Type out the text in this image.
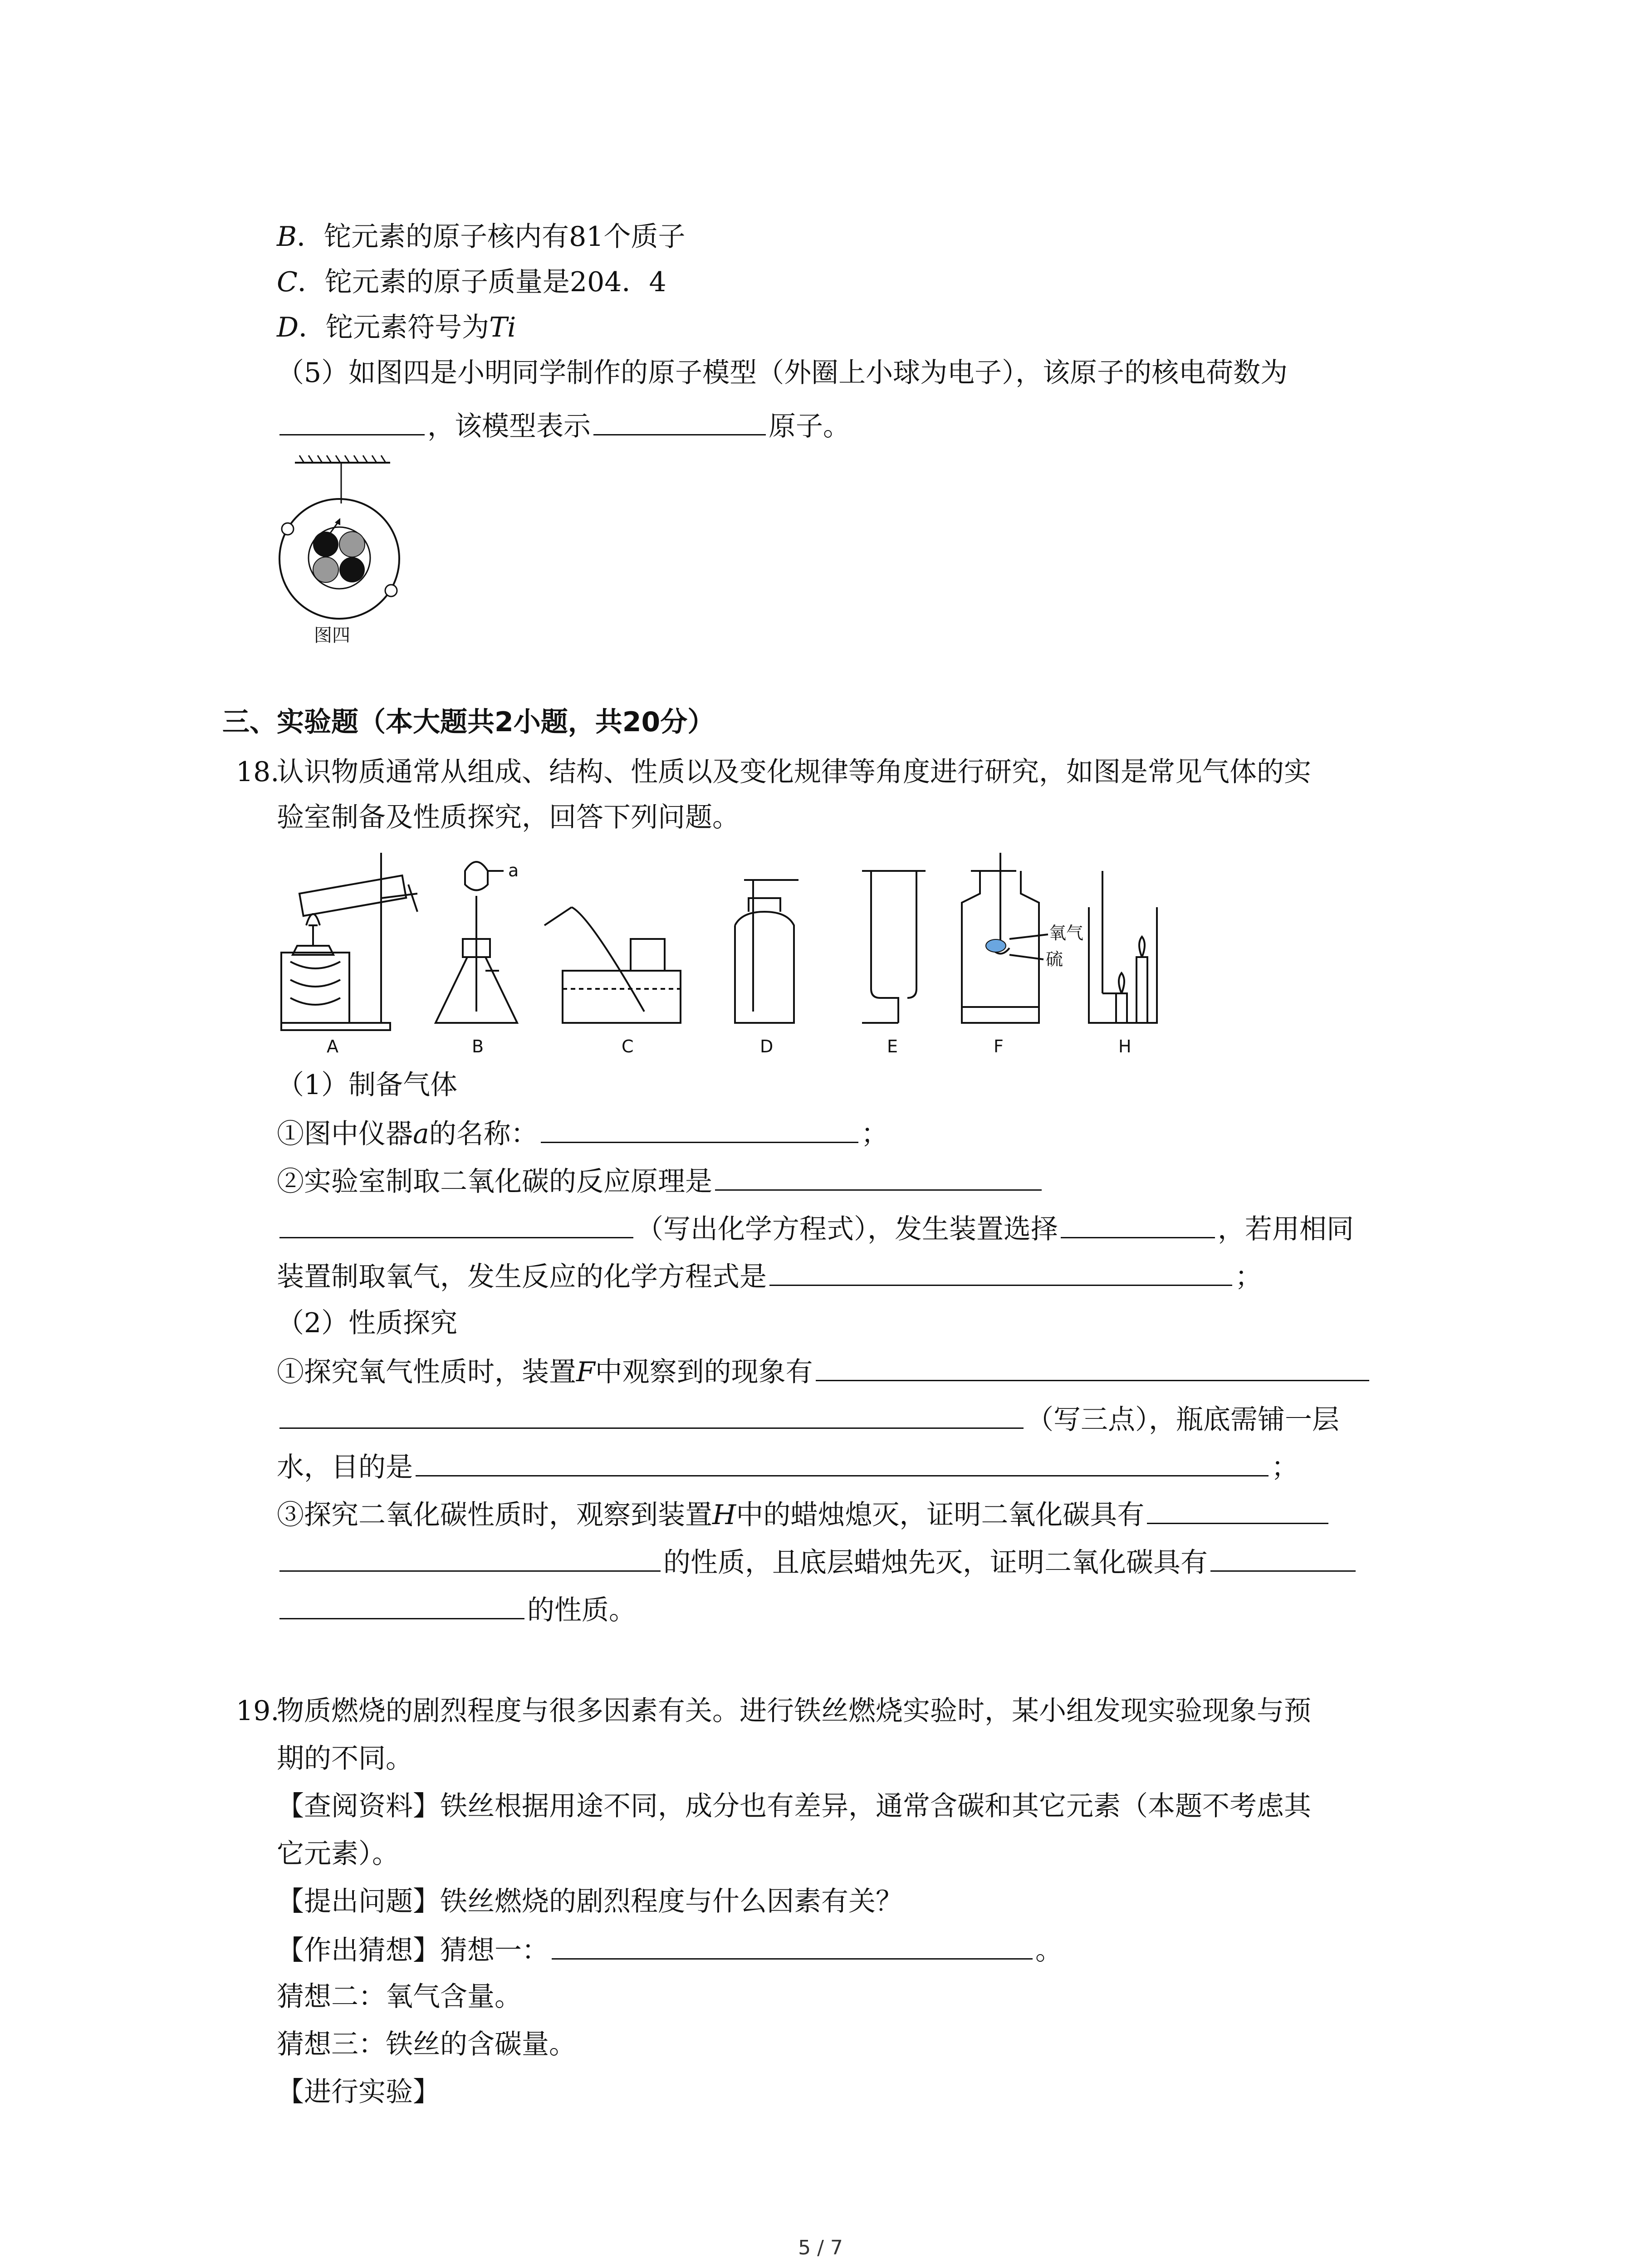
B．铊元素的原子核内有81个质子
C．铊元素的原子质量是204．4
D．铊元素符号为Ti
（5）如图四是小明同学制作的原子模型（外圈上小球为电子），该原子的核电荷数为
，该模型表示	原子。
图四
三、实验题（本大题共2小题，共20分）
18.
认识物质通常从组成、结构、性质以及变化规律等角度进行研究，如图是常见气体的实
验室制备及性质探究，回答下列问题。
a
氧气
硫
A	B	C	D	E	F	H
（1）制备气体
①图中仪器a的名称：	；
②实验室制取二氧化碳的反应原理是
（写出化学方程式），发生装置选择	，若用相同
装置制取氧气，发生反应的化学方程式是	；
（2）性质探究
①探究氧气性质时，装置F中观察到的现象有
（写三点），瓶底需铺一层
水，目的是	；
③探究二氧化碳性质时，观察到装置H中的蜡烛熄灭，证明二氧化碳具有
的性质，且底层蜡烛先灭，证明二氧化碳具有
的性质。
19.
物质燃烧的剧烈程度与很多因素有关。进行铁丝燃烧实验时，某小组发现实验现象与预
期的不同。
【查阅资料】铁丝根据用途不同，成分也有差异，通常含碳和其它元素（本题不考虑其
它元素）。
【提出问题】铁丝燃烧的剧烈程度与什么因素有关？
【作出猜想】猜想一：	。
猜想二：氧气含量。
猜想三：铁丝的含碳量。
【进行实验】
5 / 7
